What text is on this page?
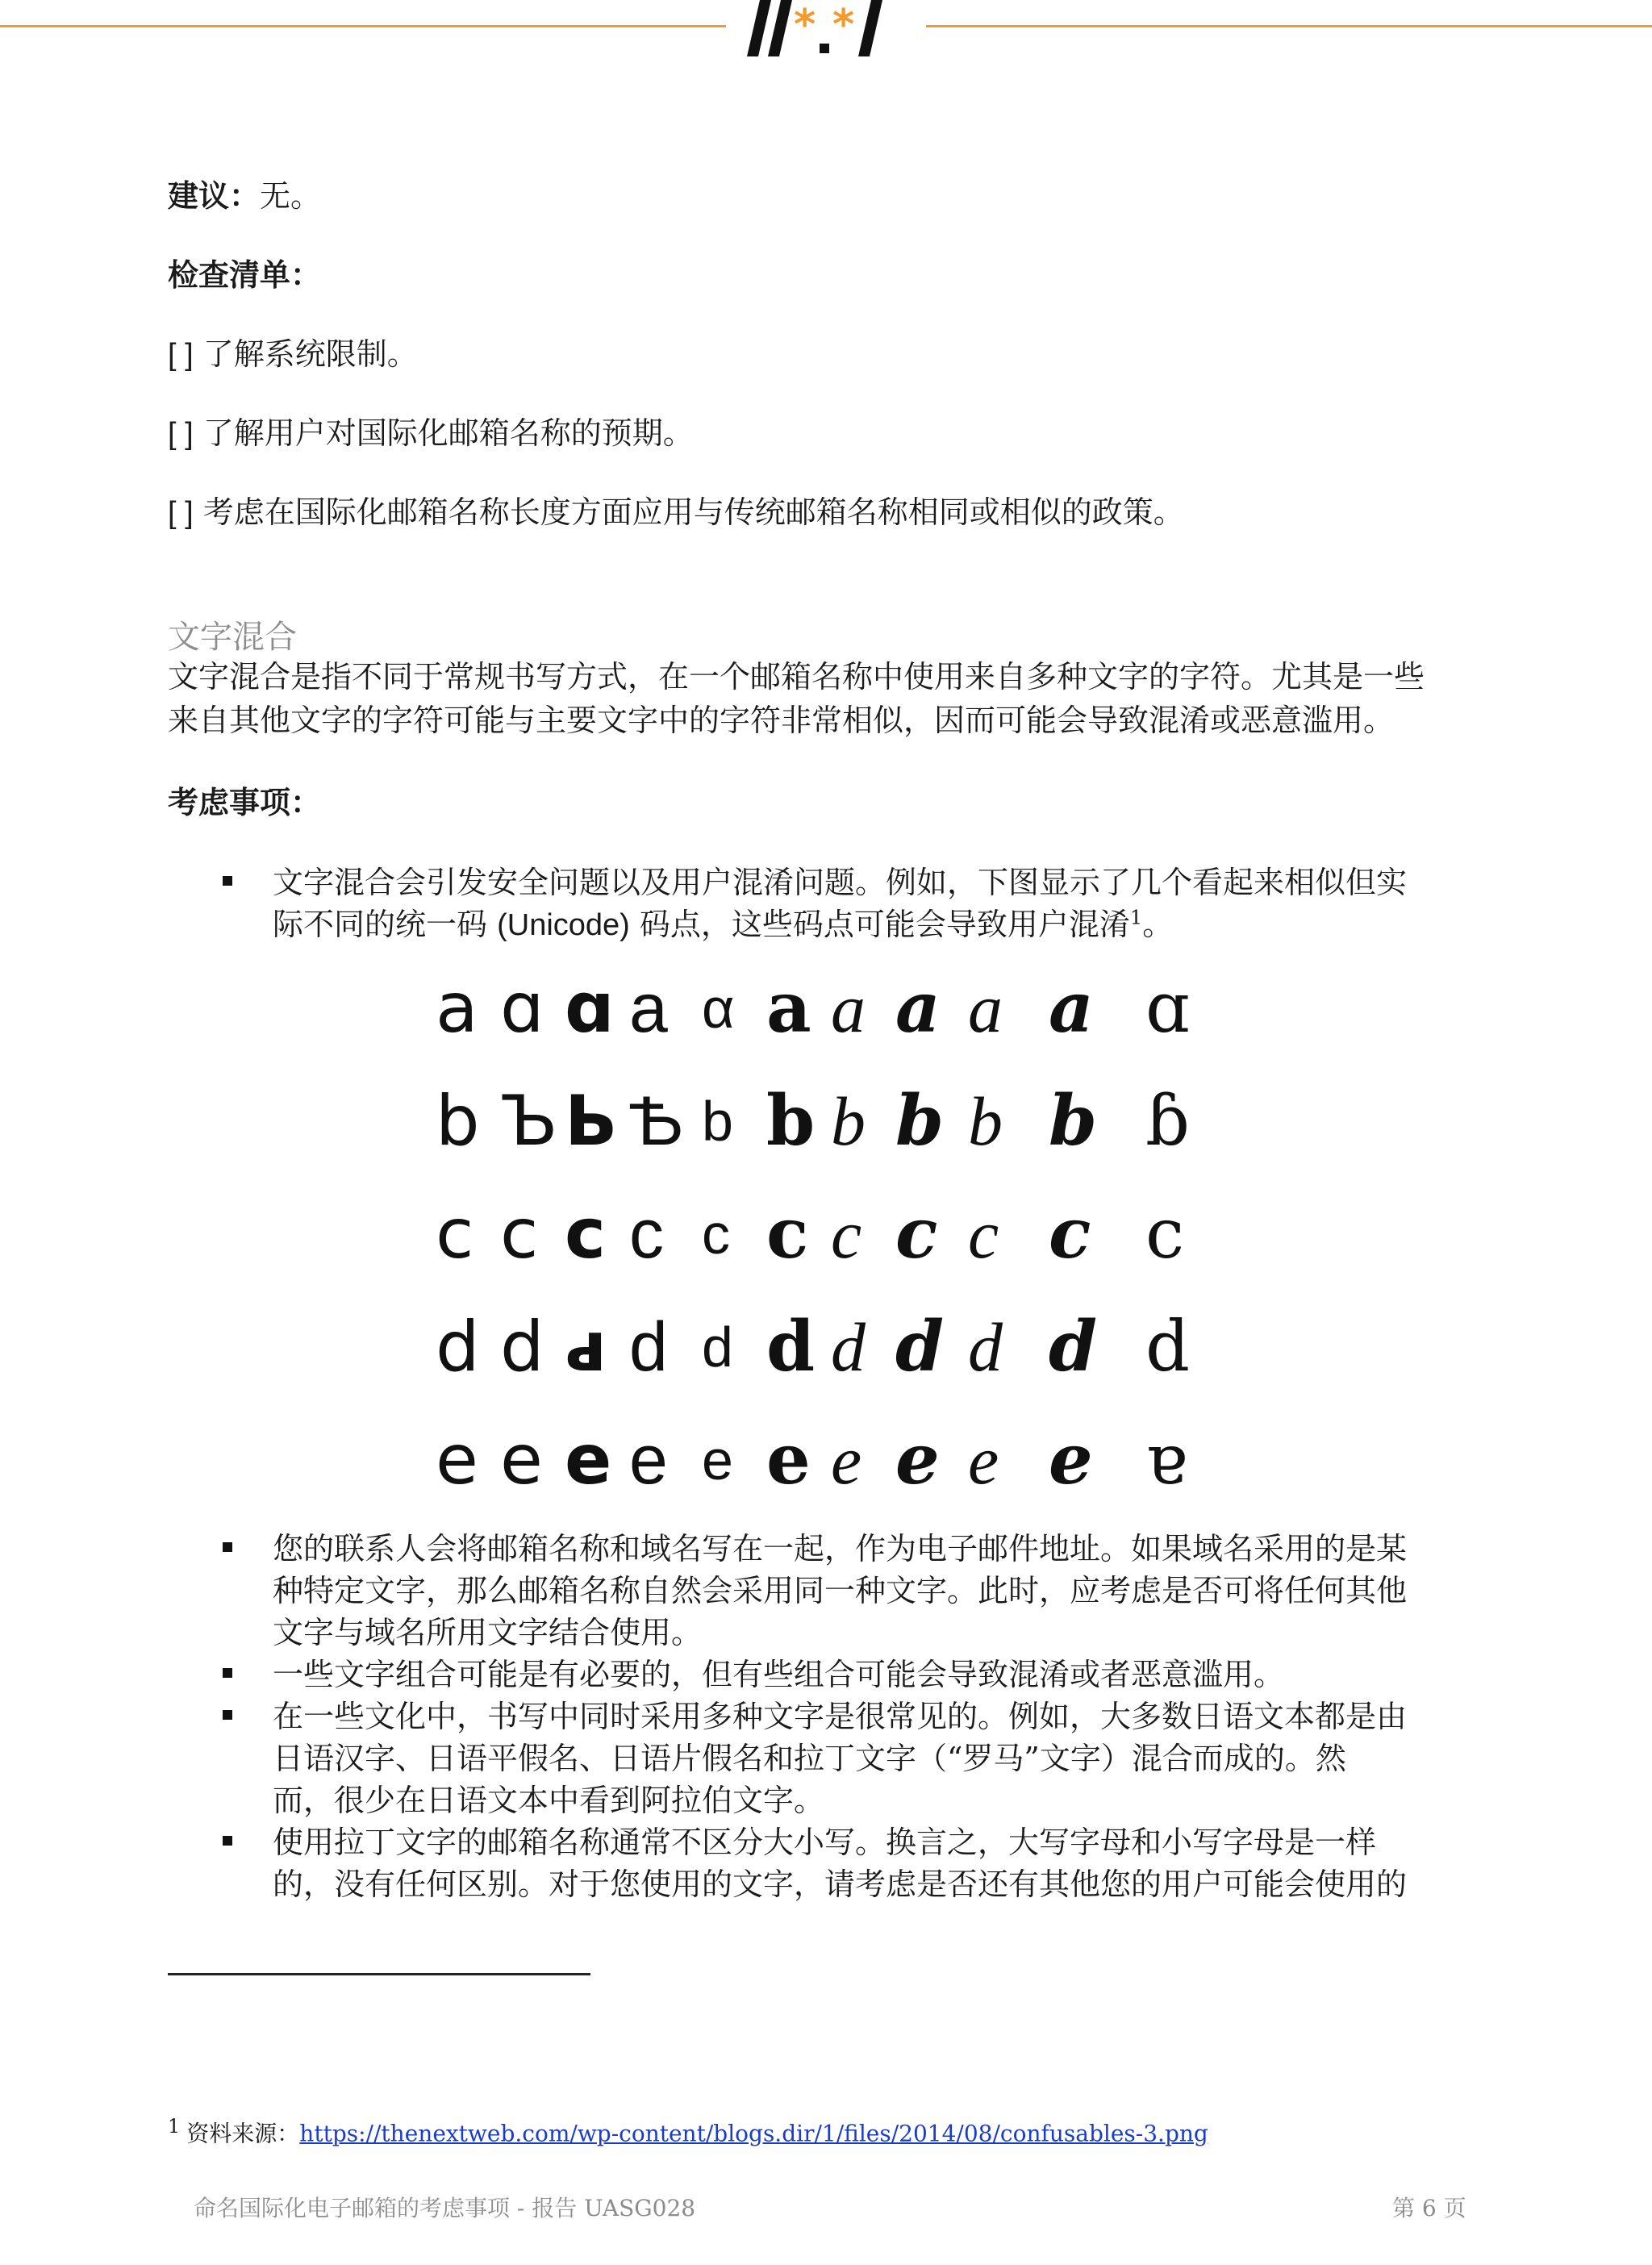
* *
建议：无。
检查清单：
[ ] 了解系统限制。
[ ] 了解用户对国际化邮箱名称的预期。
[ ] 考虑在国际化邮箱名称长度方面应用与传统邮箱名称相同或相似的政策。
文字混合
文字混合是指不同于常规书写方式，在一个邮箱名称中使用来自多种文字的字符。尤其是一些
来自其他文字的字符可能与主要文字中的字符非常相似，因而可能会导致混淆或恶意滥用。
考虑事项：
文字混合会引发安全问题以及用户混淆问题。例如，下图显示了几个看起来相似但实
际不同的统一码 (Unicode) 码点，这些码点可能会导致用户混淆$^1$。
a ɑ ɑ a α a a a a a ɑ
b Ъ Ь Ѣ b b b b b b ɓ
c c с ϲ c c c c c c c
d d ԁ d d d d d d d d
e e е e e e e e e e ɐ
您的联系人会将邮箱名称和域名写在一起，作为电子邮件地址。如果域名采用的是某
种特定文字，那么邮箱名称自然会采用同一种文字。此时，应考虑是否可将任何其他
文字与域名所用文字结合使用。
一些文字组合可能是有必要的，但有些组合可能会导致混淆或者恶意滥用。
在一些文化中，书写中同时采用多种文字是很常见的。例如，大多数日语文本都是由
日语汉字、日语平假名、日语片假名和拉丁文字（“罗马”文字）混合而成的。然
而，很少在日语文本中看到阿拉伯文字。
使用拉丁文字的邮箱名称通常不区分大小写。换言之，大写字母和小写字母是一样
的，没有任何区别。对于您使用的文字，请考虑是否还有其他您的用户可能会使用的
1 资料来源：https://thenextweb.com/wp-content/blogs.dir/1/files/2014/08/confusables-3.png
命名国际化电子邮箱的考虑事项 - 报告 UASG028	第 6 页
